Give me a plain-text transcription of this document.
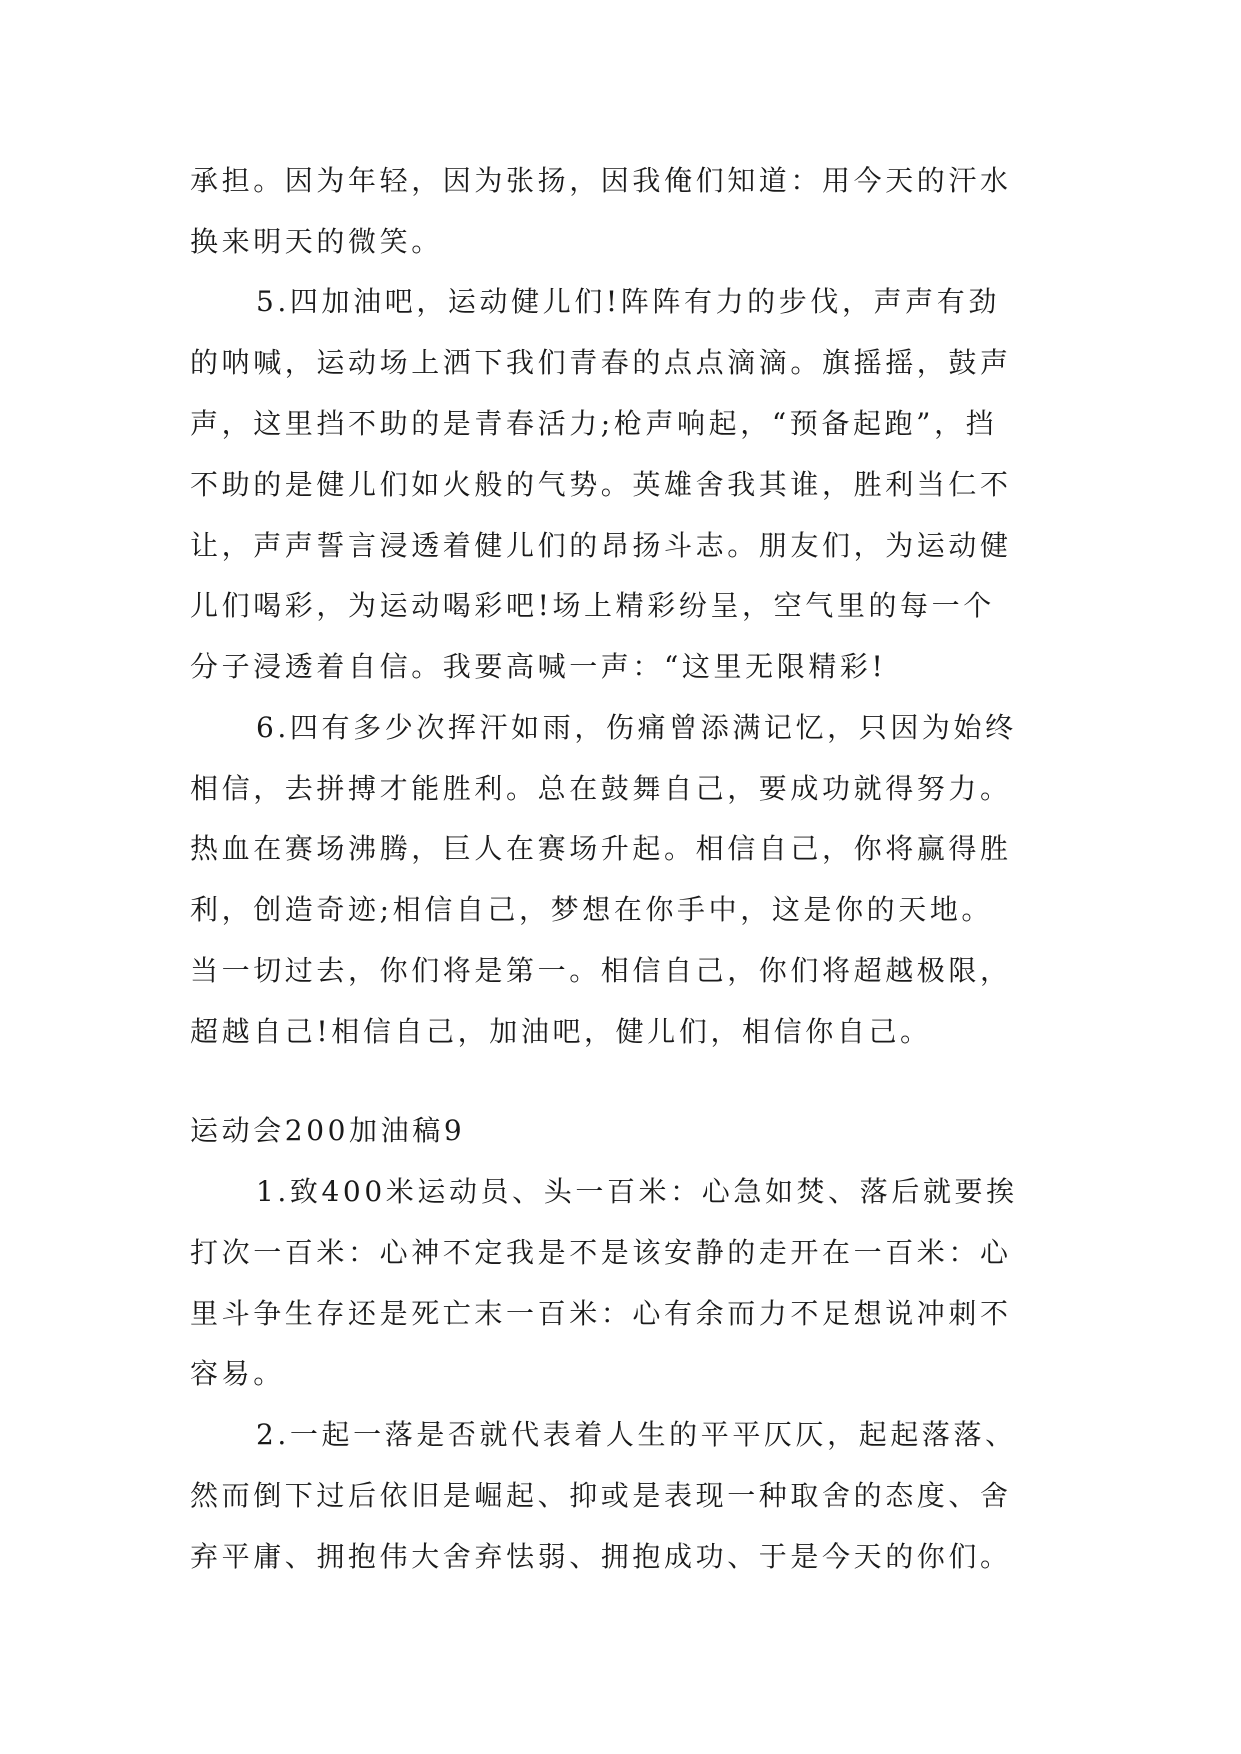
承担。因为年轻，因为张扬，因我俺们知道：用今天的汗水
换来明天的微笑。
5.四加油吧，运动健儿们!阵阵有力的步伐，声声有劲
的呐喊，运动场上洒下我们青春的点点滴滴。旗摇摇，鼓声
声，这里挡不助的是青春活力;枪声响起，“预备起跑”，挡
不助的是健儿们如火般的气势。英雄舍我其谁，胜利当仁不
让，声声誓言浸透着健儿们的昂扬斗志。朋友们，为运动健
儿们喝彩，为运动喝彩吧!场上精彩纷呈，空气里的每一个
分子浸透着自信。我要高喊一声：“这里无限精彩!
6.四有多少次挥汗如雨，伤痛曾添满记忆，只因为始终
相信，去拼搏才能胜利。总在鼓舞自己，要成功就得努力。
热血在赛场沸腾，巨人在赛场升起。相信自己，你将赢得胜
利，创造奇迹;相信自己，梦想在你手中，这是你的天地。
当一切过去，你们将是第一。相信自己，你们将超越极限，
超越自己!相信自己，加油吧，健儿们，相信你自己。
运动会200加油稿9
1.致400米运动员、头一百米：心急如焚、落后就要挨
打次一百米：心神不定我是不是该安静的走开在一百米：心
里斗争生存还是死亡末一百米：心有余而力不足想说冲刺不
容易。
2.一起一落是否就代表着人生的平平仄仄，起起落落、
然而倒下过后依旧是崛起、抑或是表现一种取舍的态度、舍
弃平庸、拥抱伟大舍弃怯弱、拥抱成功、于是今天的你们。
